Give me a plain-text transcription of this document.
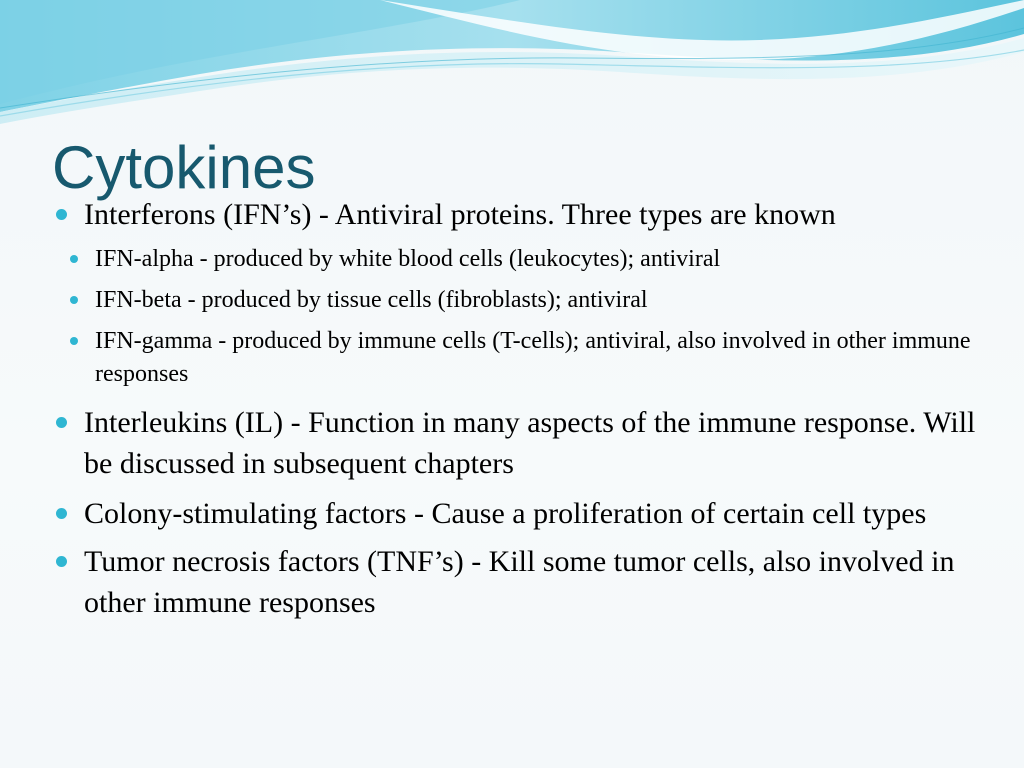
Cytokines
Interferons (IFN’s) - Antiviral proteins. Three types are known
IFN-alpha - produced by white blood cells (leukocytes); antiviral
IFN-beta - produced by tissue cells (fibroblasts); antiviral
IFN-gamma - produced by immune cells (T-cells); antiviral, also involved in other immune responses
Interleukins (IL) - Function in many aspects of the immune response. Will be discussed in subsequent chapters
Colony-stimulating factors - Cause a proliferation of certain cell types
Tumor necrosis factors (TNF’s) - Kill some tumor cells, also involved in other immune responses
